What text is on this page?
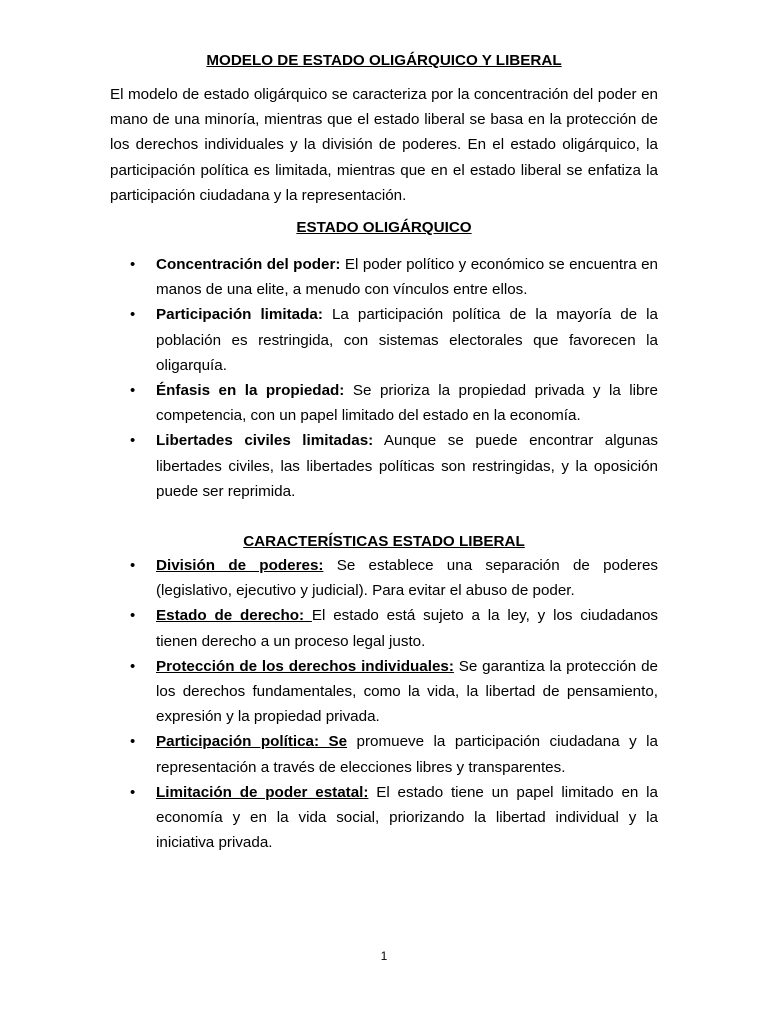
MODELO DE ESTADO OLIGÁRQUICO Y LIBERAL

El modelo de estado oligárquico se caracteriza por la concentración del poder en mano de una minoría, mientras que el estado liberal se basa en la protección de los derechos individuales y la división de poderes. En el estado oligárquico, la participación política es limitada, mientras que en el estado liberal se enfatiza la participación ciudadana y la representación.

ESTADO OLIGÁRQUICO

• Concentración del poder: El poder político y económico se encuentra en manos de una elite, a menudo con vínculos entre ellos.
• Participación limitada: La participación política de la mayoría de la población es restringida, con sistemas electorales que favorecen la oligarquía.
• Énfasis en la propiedad: Se prioriza la propiedad privada y la libre competencia, con un papel limitado del estado en la economía.
• Libertades civiles limitadas: Aunque se puede encontrar algunas libertades civiles, las libertades políticas son restringidas, y la oposición puede ser reprimida.

CARACTERÍSTICAS ESTADO LIBERAL

• División de poderes: Se establece una separación de poderes (legislativo, ejecutivo y judicial). Para evitar el abuso de poder.
• Estado de derecho: El estado está sujeto a la ley, y los ciudadanos tienen derecho a un proceso legal justo.
• Protección de los derechos individuales: Se garantiza la protección de los derechos fundamentales, como la vida, la libertad de pensamiento, expresión y la propiedad privada.
• Participación política: Se promueve la participación ciudadana y la representación a través de elecciones libres y transparentes.
• Limitación de poder estatal: El estado tiene un papel limitado en la economía y en la vida social, priorizando la libertad individual y la iniciativa privada.
1
